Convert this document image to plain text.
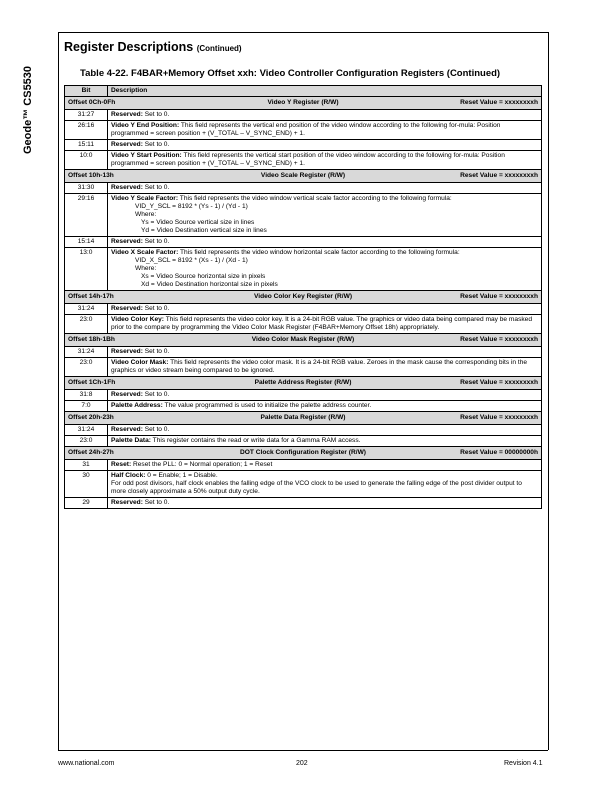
Geode™ CS5530
Register Descriptions (Continued)
Table 4-22. F4BAR+Memory Offset xxh: Video Controller Configuration Registers (Continued)
Bit	Description

Offset 0Ch-0Fh Video Y Register (R/W) Reset Value = xxxxxxxxh	

31:27	Reserved: Set to 0.
26:16	Video Y End Position: This field represents the vertical end position of the video window according to the following for-mula: Position programmed = screen position + (V_TOTAL – V_SYNC_END) + 1.
15:11	Reserved: Set to 0.
10:0	Video Y Start Position: This field represents the vertical start position of the video window according to the following for-mula: Position programmed = screen position + (V_TOTAL – V_SYNC_END) + 1.

Offset 10h-13h Video Scale Register (R/W) Reset Value = xxxxxxxxh	

31:30	Reserved: Set to 0.
29:16	Video Y Scale Factor: This field represents the video window vertical scale factor according to the following formula:
VID_Y_SCL = 8192 * (Ys - 1) / (Yd - 1)
Where:
Ys = Video Source vertical size in lines
Yd = Video Destination vertical size in lines

15:14	Reserved: Set to 0.
13:0	Video X Scale Factor: This field represents the video window horizontal scale factor according to the following formula:
VID_X_SCL = 8192 * (Xs - 1) / (Xd - 1)
Where:
Xs = Video Source horizontal size in pixels
Xd = Video Destination horizontal size in pixels

Offset 14h-17h Video Color Key Register (R/W) Reset Value = xxxxxxxxh	

31:24	Reserved: Set to 0.
23:0	Video Color Key: This field represents the video color key. It is a 24-bit RGB value. The graphics or video data being compared may be masked prior to the compare by programming the Video Color Mask Register (F4BAR+Memory Offset 18h) appropriately.

Offset 18h-1Bh Video Color Mask Register (R/W) Reset Value = xxxxxxxxh	

31:24	Reserved: Set to 0.
23:0	Video Color Mask: This field represents the video color mask. It is a 24-bit RGB value. Zeroes in the mask cause the corresponding bits in the graphics or video stream being compared to be ignored.

Offset 1Ch-1Fh Palette Address Register (R/W) Reset Value = xxxxxxxxh	

31:8	Reserved: Set to 0.
7:0	Palette Address: The value programmed is used to initialize the palette address counter.

Offset 20h-23h Palette Data Register (R/W) Reset Value = xxxxxxxxh	

31:24	Reserved: Set to 0.
23:0	Palette Data: This register contains the read or write data for a Gamma RAM access.

Offset 24h-27h DOT Clock Configuration Register (R/W) Reset Value = 00000000h	

31	Reset: Reset the PLL: 0 = Normal operation; 1 = Reset
30	Half Clock: 0 = Enable; 1 = Disable.
For odd post divisors, half clock enables the falling edge of the VCO clock to be used to generate the falling edge of the post divider output to more closely approximate a 50% output duty cycle.

29	Reserved: Set to 0.
www.national.com	202	Revision 4.1
